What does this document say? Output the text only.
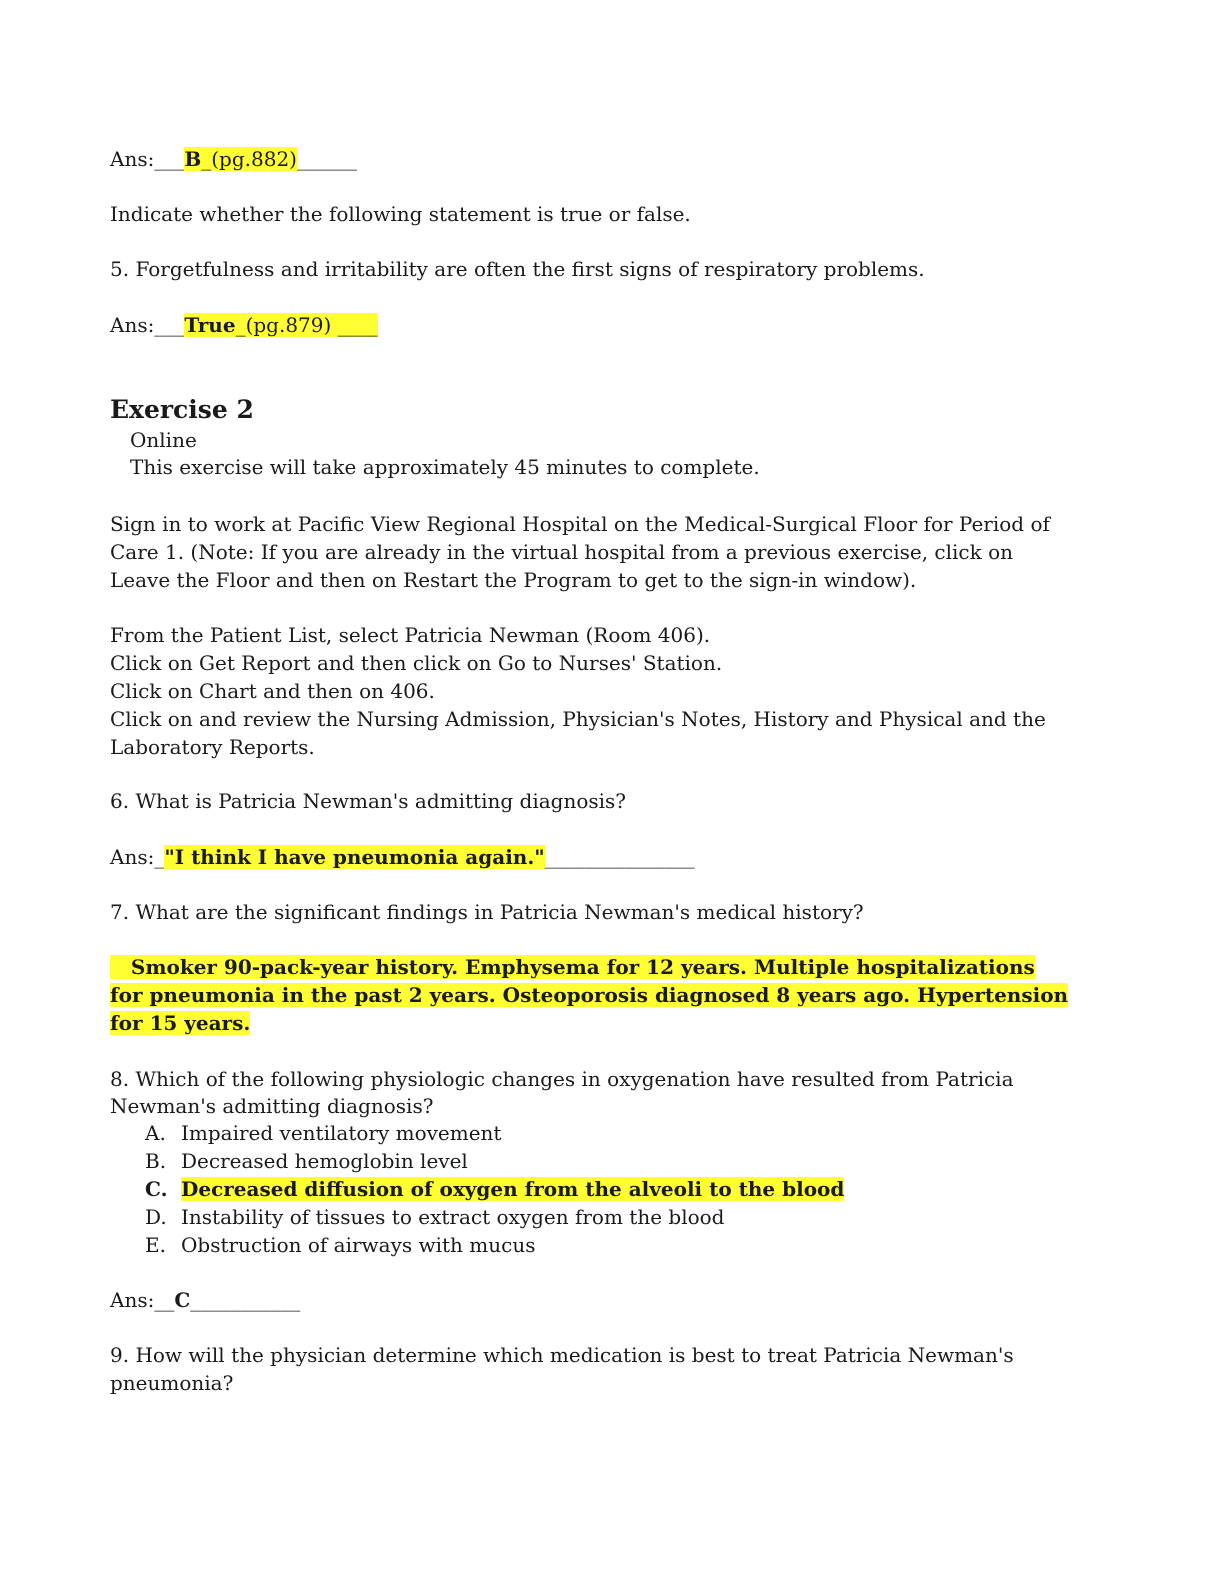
Ans:___B_(pg.882)______
Indicate whether the following statement is true or false.
5. Forgetfulness and irritability are often the first signs of respiratory problems.
Ans:___True_(pg.879) ____
Exercise 2
Online
This exercise will take approximately 45 minutes to complete.
Sign in to work at Pacific View Regional Hospital on the Medical-Surgical Floor for Period of
Care 1. (Note: If you are already in the virtual hospital from a previous exercise, click on
Leave the Floor and then on Restart the Program to get to the sign-in window).
From the Patient List, select Patricia Newman (Room 406).
Click on Get Report and then click on Go to Nurses' Station.
Click on Chart and then on 406.
Click on and review the Nursing Admission, Physician's Notes, History and Physical and the
Laboratory Reports.
6. What is Patricia Newman's admitting diagnosis?
Ans:_"I think I have pneumonia again."_______________
7. What are the significant findings in Patricia Newman's medical history?
Smoker 90-pack-year history. Emphysema for 12 years. Multiple hospitalizations
for pneumonia in the past 2 years. Osteoporosis diagnosed 8 years ago. Hypertension
for 15 years.
8. Which of the following physiologic changes in oxygenation have resulted from Patricia
Newman's admitting diagnosis?
A. Impaired ventilatory movement
B. Decreased hemoglobin level
C. Decreased diffusion of oxygen from the alveoli to the blood
D. Instability of tissues to extract oxygen from the blood
E. Obstruction of airways with mucus
Ans:__C___________
9. How will the physician determine which medication is best to treat Patricia Newman's
pneumonia?
